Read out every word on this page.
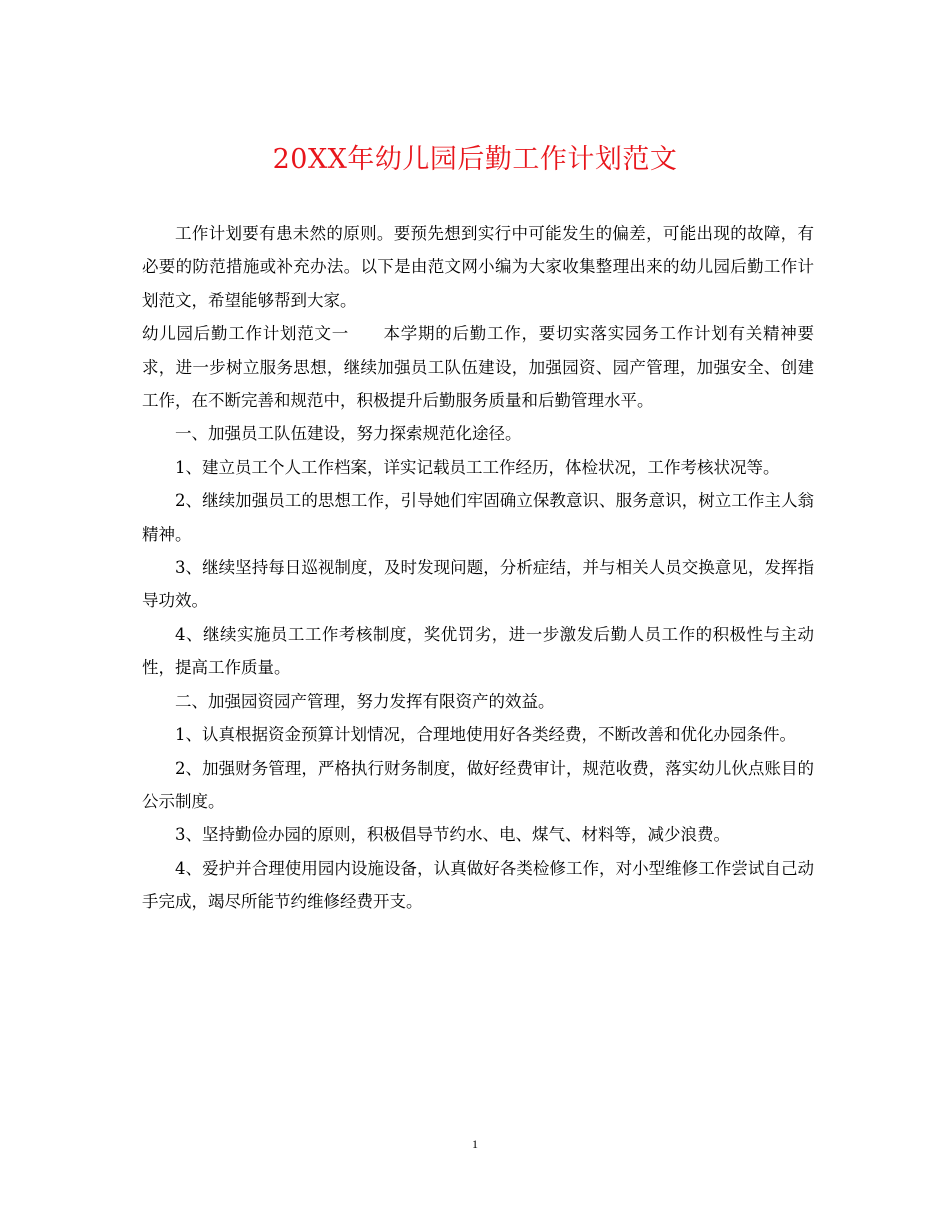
20XX年幼儿园后勤工作计划范文

工作计划要有患未然的原则。要预先想到实行中可能发生的偏差，可能出现的故障，有必要的防范措施或补充办法。以下是由范文网小编为大家收集整理出来的幼儿园后勤工作计划范文，希望能够帮到大家。

幼儿园后勤工作计划范文一　　本学期的后勤工作，要切实落实园务工作计划有关精神要求，进一步树立服务思想，继续加强员工队伍建设，加强园资、园产管理，加强安全、创建工作，在不断完善和规范中，积极提升后勤服务质量和后勤管理水平。

一、加强员工队伍建设，努力探索规范化途径。

1、建立员工个人工作档案，详实记载员工工作经历，体检状况，工作考核状况等。

2、继续加强员工的思想工作，引导她们牢固确立保教意识、服务意识，树立工作主人翁精神。

3、继续坚持每日巡视制度，及时发现问题，分析症结，并与相关人员交换意见，发挥指导功效。

4、继续实施员工工作考核制度，奖优罚劣，进一步激发后勤人员工作的积极性与主动性，提高工作质量。

二、加强园资园产管理，努力发挥有限资产的效益。

1、认真根据资金预算计划情况，合理地使用好各类经费，不断改善和优化办园条件。

2、加强财务管理，严格执行财务制度，做好经费审计，规范收费，落实幼儿伙点账目的公示制度。

3、坚持勤俭办园的原则，积极倡导节约水、电、煤气、材料等，减少浪费。

4、爱护并合理使用园内设施设备，认真做好各类检修工作，对小型维修工作尝试自己动手完成，竭尽所能节约维修经费开支。

1
